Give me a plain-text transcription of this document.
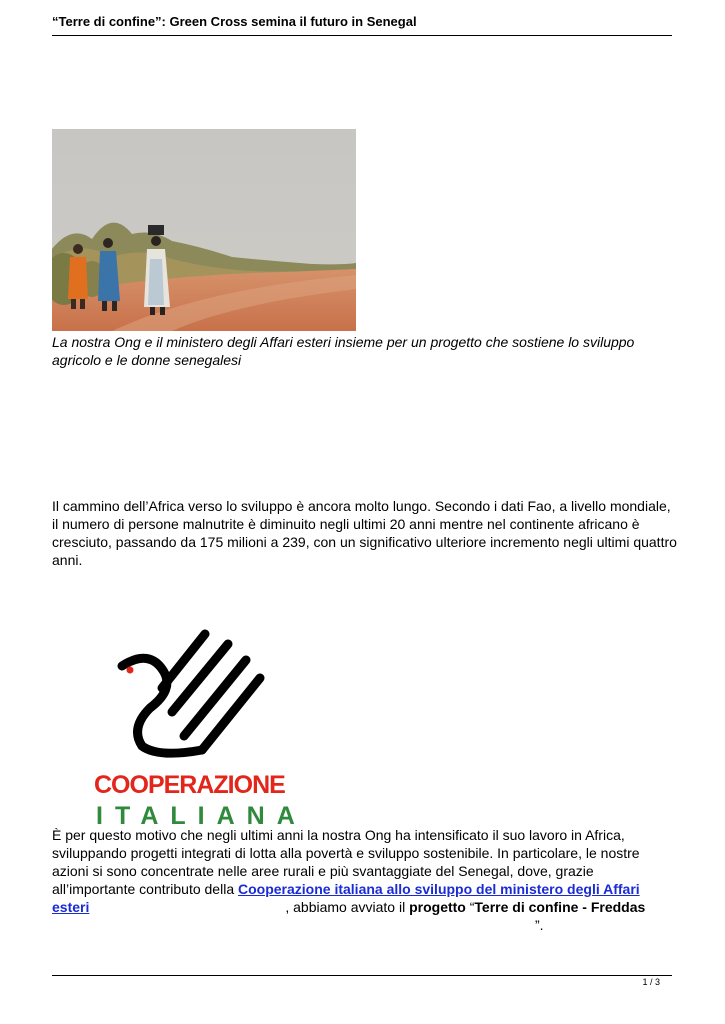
“Terre di confine”: Green Cross semina il futuro in Senegal
La nostra Ong e il ministero degli Affari esteri insieme per un progetto che sostiene lo sviluppo agricolo e le donne senegalesi
Il cammino dell’Africa verso lo sviluppo è ancora molto lungo. Secondo i dati Fao, a livello mondiale, il numero di persone malnutrite è diminuito negli ultimi 20 anni mentre nel continente africano è cresciuto, passando da 175 milioni a 239, con un significativo ulteriore incremento negli ultimi quattro anni.
COOPERAZIONE
ITALIANA
È per questo motivo che negli ultimi anni la nostra Ong ha intensificato il suo lavoro in Africa, sviluppando progetti integrati di lotta alla povertà e sviluppo sostenibile. In particolare, le nostre azioni si sono concentrate nelle aree rurali e più svantaggiate del Senegal, dove, grazie all’importante contributo della Cooperazione italiana allo sviluppo del ministero degli Affari esteri	, abbiamo avviato il progetto “Terre di confine - Freddas”.
1 / 3
